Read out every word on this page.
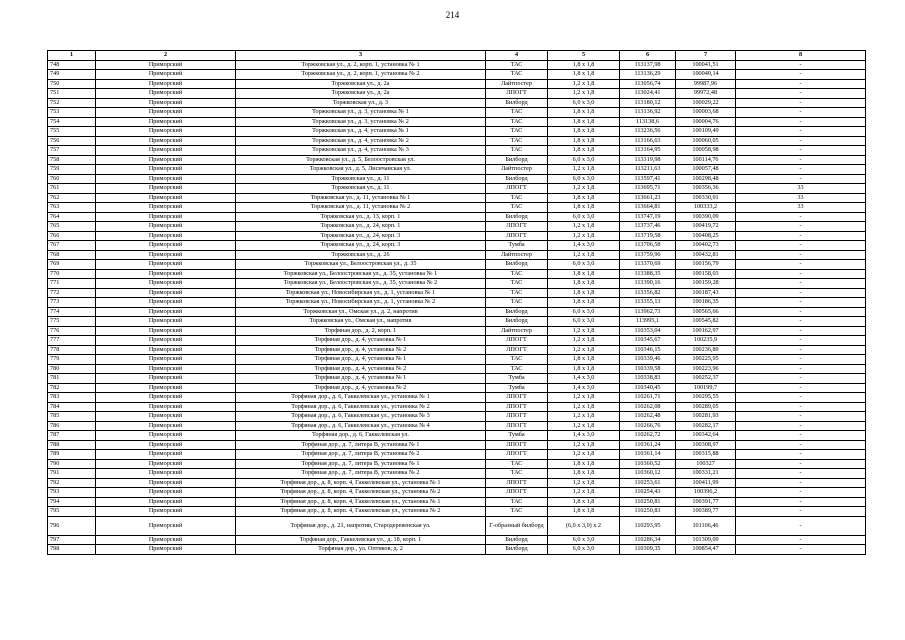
214
1	2	3	4	5	6	7	8
748	Приморский	Торжковская ул., д. 2, корп. 1, установка № 1	ТАС	1,8 x 1,8	113137,98	100041,51	-
749	Приморский	Торжковская ул., д. 2, корп. 1, установка № 2	ТАС	1,8 x 1,8	113136,29	100040,14	-
750	Приморский	Торжковская ул., д. 2а	Лайтпостер	1,2 x 1,8	113056,74	99987,96	-
751	Приморский	Торжковская ул., д. 2а	ЛПОГТ	1,2 x 1,8	113024,41	99972,48	-
752	Приморский	Торжковская ул., д. 3	Билборд	6,0 x 3,0	113180,12	100029,22	-
753	Приморский	Торжковская ул., д. 3, установка № 1	ТАС	1,8 x 1,8	113136,92	100003,68	-
754	Приморский	Торжковская ул., д. 3, установка № 2	ТАС	1,8 x 1,8	113138,6	100004,76	-
755	Приморский	Торжковская ул., д. 4, установка № 1	ТАС	1,8 x 1,8	113236,56	100109,49	-
756	Приморский	Торжковская ул., д. 4, установка № 2	ТАС	1,8 x 1,8	113166,63	100060,05	-
757	Приморский	Торжковская ул., д. 4, установка № 3	ТАС	1,8 x 1,8	113164,95	100058,98	-
758	Приморский	Торжковская ул., д. 5, Белоостровская ул.	Билборд	6,0 x 3,0	113319,98	100114,76	-
759	Приморский	Торжковская ул., д. 5, Лисичанская ул.	Лайтпостер	1,2 x 1,8	113211,63	100057,48	-
760	Приморский	Торжковская ул., д. 11	Билборд	6,0 x 3,0	113597,41	100298,48	-
761	Приморский	Торжковская ул., д. 11	ЛПОГТ	1,2 x 1,8	113695,71	100356,36	33
762	Приморский	Торжковская ул., д. 11, установка № 1	ТАС	1,8 x 1,8	113661,23	100330,91	33
763	Приморский	Торжковская ул., д. 11, установка № 2	ТАС	1,8 x 1,8	113664,81	100333,2	33
764	Приморский	Торжковская ул., д. 13, корп. 1	Билборд	6,0 x 3,0	113747,19	100390,09	-
765	Приморский	Торжковская ул., д. 24, корп. 1	ЛПОГТ	1,2 x 1,8	113737,46	100419,72	-
766	Приморский	Торжковская ул., д. 24, корп. 3	ЛПОГТ	1,2 x 1,8	113719,58	100408,25	-
767	Приморский	Торжковская ул., д. 24, корп. 3	Тумба	1,4 x 3,0	113706,58	100402,73	-
768	Приморский	Торжковская ул., д. 26	Лайтпостер	1,2 x 1,8	113759,96	100432,81	-
769	Приморский	Торжковская ул., Белоостровская ул., д. 35	Билборд	6,0 x 3,0	113370,69	100156,79	-
770	Приморский	Торжковская ул., Белоостровская ул., д. 35, установка № 1	ТАС	1,8 x 1,8	113388,35	100158,03	-
771	Приморский	Торжковская ул., Белоостровская ул., д. 35, установка № 2	ТАС	1,8 x 1,8	113390,16	100159,28	-
772	Приморский	Торжковская ул., Новосибирская ул., д. 1, установка № 1	ТАС	1,8 x 1,8	113356,82	100187,43	-
773	Приморский	Торжковская ул., Новосибирская ул., д. 1, установка № 2	ТАС	1,8 x 1,8	113355,13	100186,35	-
774	Приморский	Торжковская ул., Омская ул., д. 2, напротив	Билборд	6,0 x 3,0	113962,73	100565,66	-
775	Приморский	Торжковская ул., Омская ул., напротив	Билборд	6,0 x 3,0	113995,1	100545,82	-
776	Приморский	Торфяная дор., д. 2, корп. 1	Лайтпостер	1,2 x 1,8	110353,04	100162,97	-
777	Приморский	Торфяная дор., д. 4, установка № 1	ЛПОГТ	1,2 x 1,8	110345,67	100235,9	-
778	Приморский	Торфяная дор., д. 4, установка № 2	ЛПОГТ	1,2 x 1,8	110346,15	100236,89	-
779	Приморский	Торфяная дор., д. 4, установка № 1	ТАС	1,8 x 1,8	110339,46	100225,95	-
780	Приморский	Торфяная дор., д. 4, установка № 2	ТАС	1,8 x 1,8	110339,58	100223,96	-
781	Приморский	Торфяная дор., д. 4, установка № 1	Тумба	1,4 x 3,0	110338,83	100252,37	-
782	Приморский	Торфяная дор., д. 4, установка № 2	Тумба	1,4 x 3,0	110340,45	100199,7	-
783	Приморский	Торфяная дор., д. 6, Гаккелевская ул., установка № 1	ЛПОГТ	1,2 x 1,8	110261,71	100295,55	-
784	Приморский	Торфяная дор., д. 6, Гаккелевская ул., установка № 2	ЛПОГТ	1,2 x 1,8	110262,08	100289,05	-
785	Приморский	Торфяная дор., д. 6, Гаккелевская ул., установка № 3	ЛПОГТ	1,2 x 1,8	110262,48	100281,93	-
786	Приморский	Торфяная дор., д. 6, Гаккелевская ул., установка № 4	ЛПОГТ	1,2 x 1,8	110266,76	100282,17	-
787	Приморский	Торфяная дор., д. 6, Гаккелевская ул.	Тумба	1,4 x 3,0	110262,72	100342,64	-
788	Приморский	Торфяная дор., д. 7, литера В, установка № 1	ЛПОГТ	1,2 x 1,8	110361,24	100308,97	-
789	Приморский	Торфяная дор., д. 7, литера В, установка № 2	ЛПОГТ	1,2 x 1,8	110361,14	100315,88	-
790	Приморский	Торфяная дор., д. 7, литера В, установка № 1	ТАС	1,8 x 1,8	110360,52	100327	-
791	Приморский	Торфяная дор., д. 7, литера В, установка № 2	ТАС	1,8 x 1,8	110360,12	100331,21	-
792	Приморский	Торфяная дор., д. 8, корп. 4, Гаккелевская ул., установка № 1	ЛПОГТ	1,2 x 1,8	110253,61	100411,99	-
793	Приморский	Торфяная дор., д. 8, корп. 4, Гаккелевская ул., установка № 2	ЛПОГТ	1,2 x 1,8	110254,43	100396,2	-
794	Приморский	Торфяная дор., д. 8, корп. 4, Гаккелевская ул., установка № 1	ТАС	1,8 x 1,8	110250,81	100391,77	-
795	Приморский	Торфяная дор., д. 8, корп. 4, Гаккелевская ул., установка № 2	ТАС	1,8 x 1,8	110250,83	100389,77	-
796	Приморский	Торфяная дор., д. 21, напротив, Стародеревенская ул.	Г-образный билборд	(6,0 x 3,0) x 2	110293,95	101106,46	-
797	Приморский	Торфяная дор., Гаккелевская ул., д. 18, корп. 1	Билборд	6,0 x 3,0	110286,34	101309,09	-
798	Приморский	Торфяная дор., ул. Оптиков, д. 2	Билборд	6,0 x 3,0	110309,35	100854,47	-
